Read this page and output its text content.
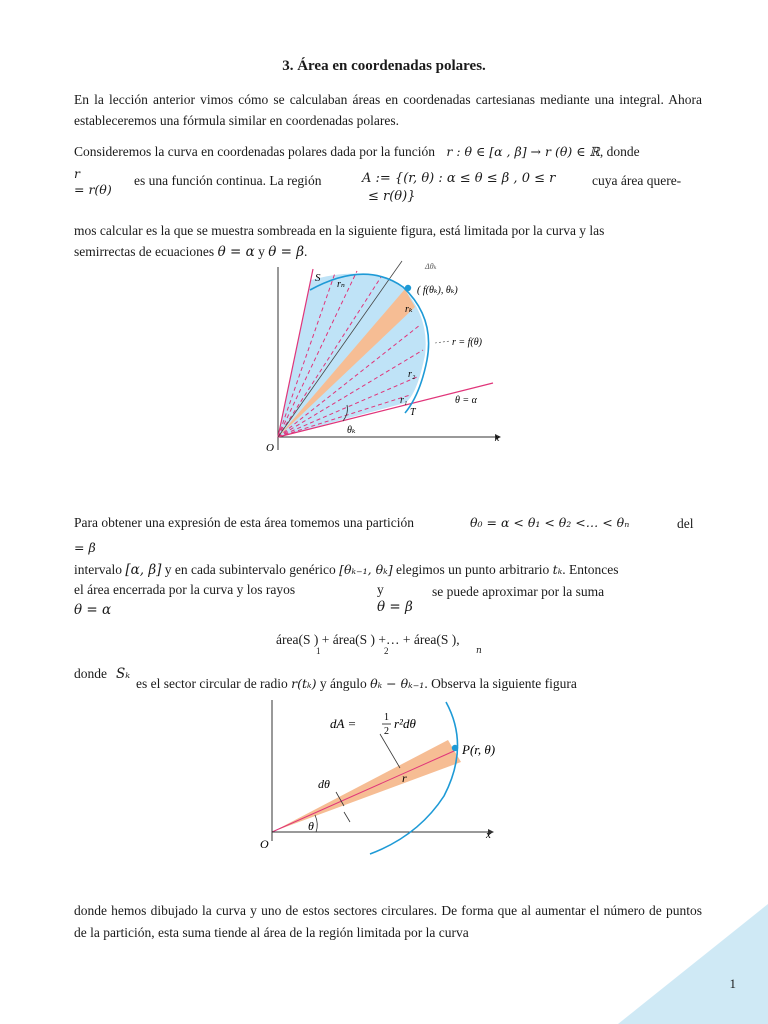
3. Área en coordenadas polares.
En la lección anterior vimos cómo se calculaban áreas en coordenadas cartesianas mediante una integral. Ahora estableceremos una fórmula similar en coordenadas polares.
Consideremos la curva en coordenadas polares dada por la función r : θ ∈ [α , β] → r (θ) ∈ ℝ, donde
r
= r(θ)
es una función continua. La región	A := {(r, θ) : α ≤ θ ≤ β , 0 ≤ r
≤ r(θ)}
cuya área quere-
mos calcular es la que se muestra sombreada en la siguiente figura, está limitada por la curva y las
semirrectas de ecuaciones θ = α y θ = β.
S
rₙ
rₖ
r₂
r₁
T
( f(θₖ), θₖ)
Δθₖ
r = f(θ)
θ = α
θₖ
O
x
Para obtener una expresión de esta área tomemos una partición	θ₀ = α < θ₁ < θ₂ <… < θₙ	del
= β
intervalo [α, β] y en cada subintervalo genérico [θₖ₋₁, θₖ] elegimos un punto arbitrario tₖ. Entonces
el área encerrada por la curva y los rayos	y	se puede aproximar por la suma
θ = α	θ = β
área(S ) + área(S ) +… + área(S ),
1	2	n
donde Sₖ
es el sector circular de radio r(tₖ) y ángulo θₖ − θₖ₋₁. Observa la siguiente figura
dA =	1
2
r²dθ
P(r, θ)
r
dθ
θ
O
x
donde hemos dibujado la curva y uno de estos sectores circulares. De forma que al aumentar el número de puntos de la partición, esta suma tiende al área de la región limitada por la curva
1
